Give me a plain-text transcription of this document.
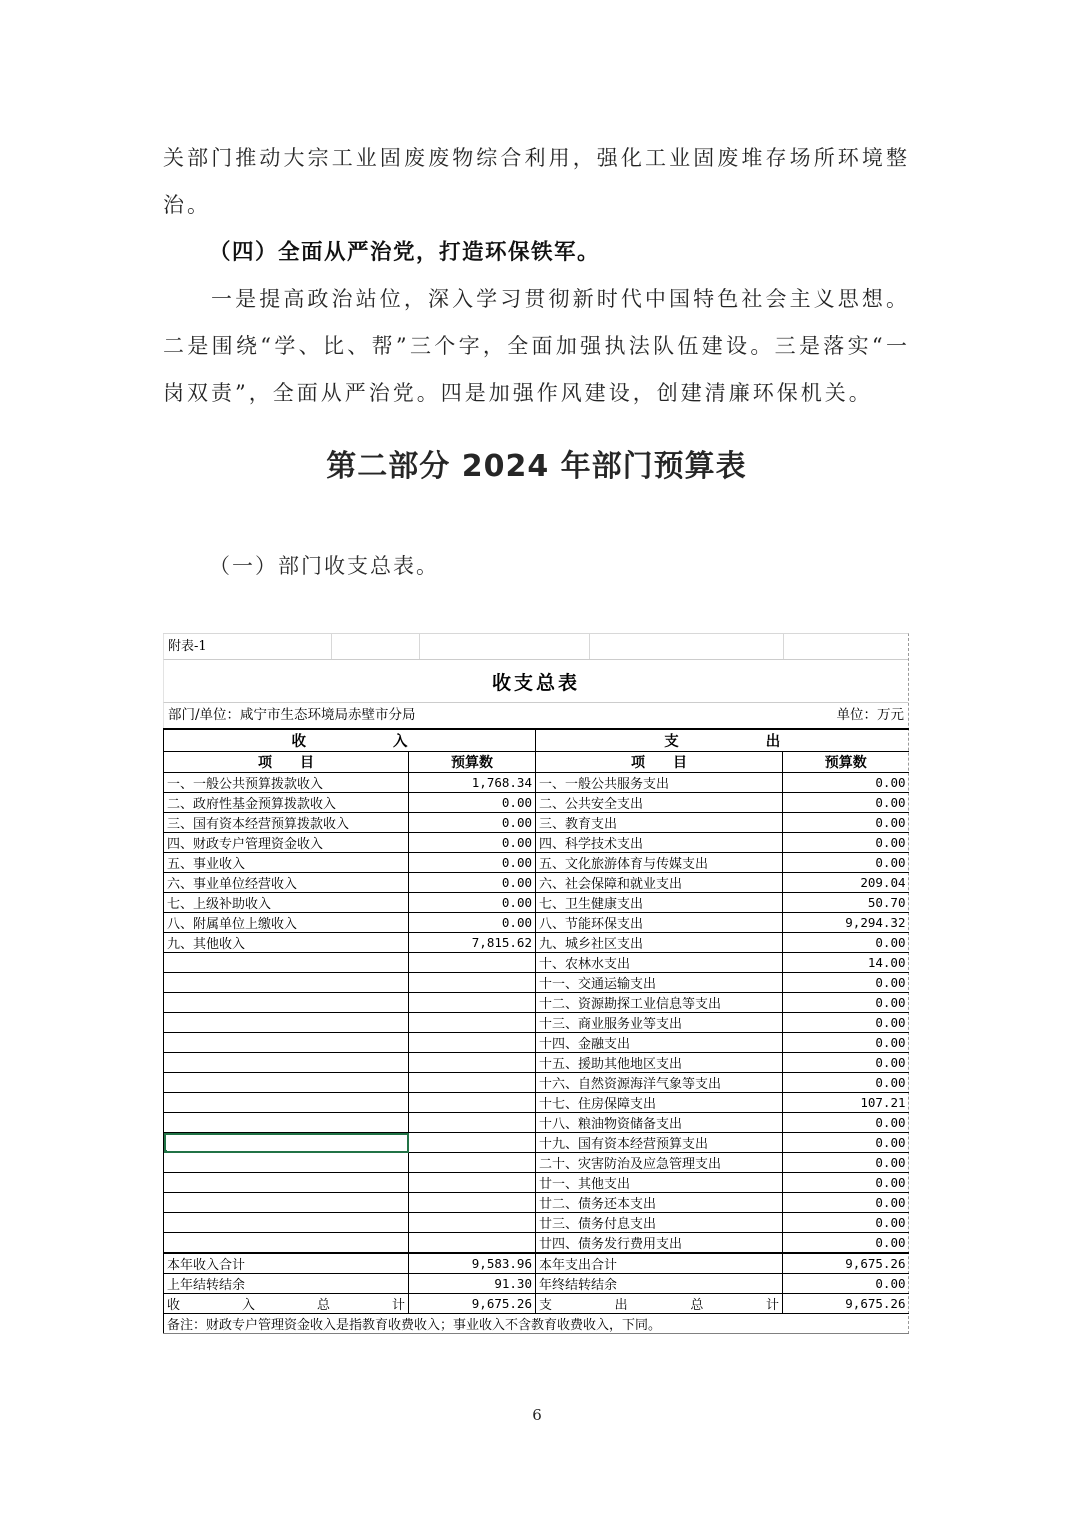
关部门推动大宗工业固废废物综合利用，强化工业固废堆存场所环境整治。

（四）全面从严治党，打造环保铁军。

一是提高政治站位，深入学习贯彻新时代中国特色社会主义思想。二是围绕“学、比、帮”三个字，全面加强执法队伍建设。三是落实“一岗双责”，全面从严治党。四是加强作风建设，创建清廉环保机关。

第二部分 2024 年部门预算表

（一）部门收支总表。

附表-1
收支总表
部门/单位：咸宁市生态环境局赤壁市分局	单位：万元
收　　　　　　入		支　　　　　　出	
项　　目	预算数	项　　目	预算数
一、一般公共预算拨款收入	1,768.34	一、一般公共服务支出	0.00
二、政府性基金预算拨款收入	0.00	二、公共安全支出	0.00
三、国有资本经营预算拨款收入	0.00	三、教育支出	0.00
四、财政专户管理资金收入	0.00	四、科学技术支出	0.00
五、事业收入	0.00	五、文化旅游体育与传媒支出	0.00
六、事业单位经营收入	0.00	六、社会保障和就业支出	209.04
七、上级补助收入	0.00	七、卫生健康支出	50.70
八、附属单位上缴收入	0.00	八、节能环保支出	9,294.32
九、其他收入	7,815.62	九、城乡社区支出	0.00
		十、农林水支出	14.00
		十一、交通运输支出	0.00
		十二、资源勘探工业信息等支出	0.00
		十三、商业服务业等支出	0.00
		十四、金融支出	0.00
		十五、援助其他地区支出	0.00
		十六、自然资源海洋气象等支出	0.00
		十七、住房保障支出	107.21
		十八、粮油物资储备支出	0.00
		十九、国有资本经营预算支出	0.00
		二十、灾害防治及应急管理支出	0.00
		廿一、其他支出	0.00
		廿二、债务还本支出	0.00
		廿三、债务付息支出	0.00
		廿四、债务发行费用支出	0.00
本年收入合计	9,583.96	本年支出合计	9,675.26
上年结转结余	91.30	年终结转结余	0.00
收 入 总 计	9,675.26	支 出 总 计	9,675.26
备注：财政专户管理资金收入是指教育收费收入；事业收入不含教育收费收入，下同。			
6
